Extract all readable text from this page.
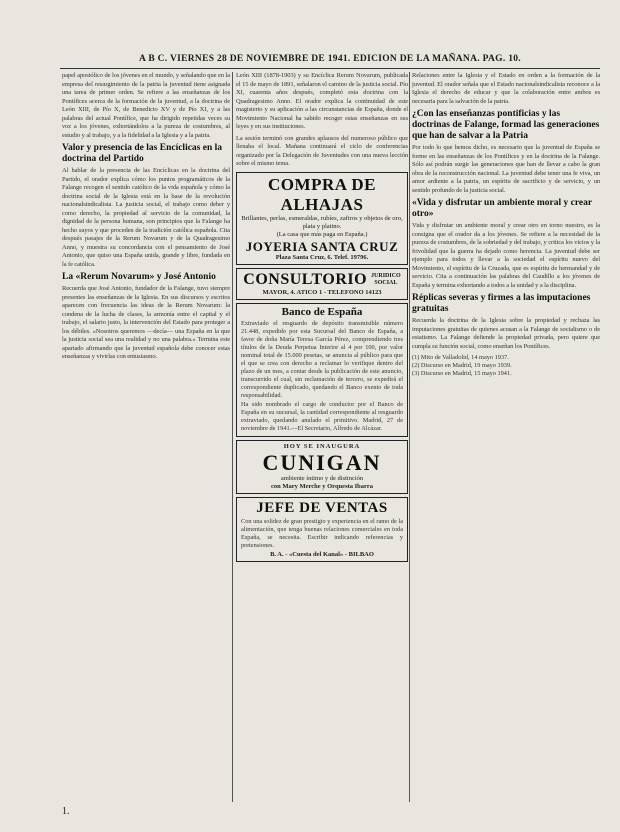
A B C. VIERNES 28 DE NOVIEMBRE DE 1941. EDICION DE LA MAÑANA. PAG. 10.

papel apostólico de los jóvenes en el mundo, y señalando que en la empresa del resurgimiento de la patria la juventud tiene asignada una tarea de primer orden. Se refiere a las enseñanzas de los Pontífices acerca de la formación de la juventud, a la doctrina de León XIII, de Pío X, de Benedicto XV y de Pío XI, y a las palabras del actual Pontífice, que ha dirigido repetidas veces su voz a los jóvenes, exhortándolos a la pureza de costumbres, al estudio y al trabajo, y a la fidelidad a la Iglesia y a la patria.

Valor y presencia de las Encíclicas en la doctrina del Partido

Al hablar de la presencia de las Encíclicas en la doctrina del Partido, el orador explica cómo los puntos programáticos de la Falange recogen el sentido católico de la vida española y cómo la doctrina social de la Iglesia está en la base de la revolución nacionalsindicalista. La justicia social, el trabajo como deber y como derecho, la propiedad al servicio de la comunidad, la dignidad de la persona humana, son principios que la Falange ha hecho suyos y que proceden de la tradición católica española. Cita después pasajes de la Rerum Novarum y de la Quadragesimo Anno, y muestra su concordancia con el pensamiento de José Antonio, que quiso una España unida, grande y libre, fundada en la fe católica.

La «Rerum Novarum» y José Antonio

Recuerda que José Antonio, fundador de la Falange, tuvo siempre presentes las enseñanzas de la Iglesia. En sus discursos y escritos aparecen con frecuencia las ideas de la Rerum Novarum: la condena de la lucha de clases, la armonía entre el capital y el trabajo, el salario justo, la intervención del Estado para proteger a los débiles. «Nosotros queremos —decía— una España en la que la justicia social sea una realidad y no una palabra.» Termina este apartado afirmando que la juventud española debe conocer estas enseñanzas y vivirlas con entusiasmo.

León XIII (1878-1903) y su Encíclica Rerum Novarum, publicada el 15 de mayo de 1891, señalaron el camino de la justicia social. Pío XI, cuarenta años después, completó esta doctrina con la Quadragesimo Anno. El orador explica la continuidad de este magisterio y su aplicación a las circunstancias de España, donde el Movimiento Nacional ha sabido recoger estas enseñanzas en sus leyes y en sus instituciones.

La sesión terminó con grandes aplausos del numeroso público que llenaba el local. Mañana continuará el ciclo de conferencias organizado por la Delegación de Juventudes con una nueva lección sobre el mismo tema.

COMPRA DE ALHAJAS
Brillantes, perlas, esmeraldas, rubíes, zafiros y objetos de oro, plata y platino.
(La casa que más paga en España.)
JOYERIA SANTA CRUZ
Plaza Santa Cruz, 6. Telef. 19796.
CONSULTORIO JURIDICO
SOCIAL
MAYOR, 4. ATICO 1 - TELEFONO 14123
Banco de España

Extraviado el resguardo de depósito transmisible número 21.448, expedido por esta Sucursal del Banco de España, a favor de doña María Teresa García Pérez, comprendiendo tres títulos de la Deuda Perpetua Interior al 4 por 100, por valor nominal total de 15.000 pesetas, se anuncia al público para que el que se crea con derecho a reclamar lo verifique dentro del plazo de un mes, a contar desde la publicación de este anuncio, transcurrido el cual, sin reclamación de tercero, se expedirá el correspondiente duplicado, quedando el Banco exento de toda responsabilidad.

Ha sido nombrado el cargo de conductor por el Banco de España en su sucursal, la cantidad correspondiente al resguardo extraviado, quedando anulado el primitivo. Madrid, 27 de noviembre de 1941.—El Secretario, Alfredo de Alcázar.

HOY SE INAUGURA
CUNIGAN
ambiente íntimo y de distinción
con Mary Merche y Orquesta Ibarra
JEFE DE VENTAS

Con una solidez de gran prestigio y experiencia en el ramo de la alimentación, que tenga buenas relaciones comerciales en toda España, se necesita. Escribir indicando referencias y pretensiones.

B. A. - «Cuesta del Kanal» - BILBAO

Relaciones entre la Iglesia y el Estado en orden a la formación de la juventud. El orador señala que el Estado nacionalsindicalista reconoce a la Iglesia el derecho de educar y que la colaboración entre ambos es necesaria para la salvación de la patria.

¿Con las enseñanzas pontificias y las doctrinas de Falange, formad las generaciones que han de salvar a la Patria

Por todo lo que hemos dicho, es necesario que la juventud de España se forme en las enseñanzas de los Pontífices y en la doctrina de la Falange. Sólo así podrán surgir las generaciones que han de llevar a cabo la gran obra de la reconstrucción nacional. La juventud debe tener una fe viva, un amor ardiente a la patria, un espíritu de sacrificio y de servicio, y un sentido profundo de la justicia social.

«Vida y disfrutar un ambiente moral y crear otro»

Vida y disfrutar un ambiente moral y crear otro en torno nuestro, es la consigna que el orador da a los jóvenes. Se refiere a la necesidad de la pureza de costumbres, de la sobriedad y del trabajo, y critica los vicios y la frivolidad que la guerra ha dejado como herencia. La juventud debe ser ejemplo para todos y llevar a la sociedad el espíritu nuevo del Movimiento, el espíritu de la Cruzada, que es espíritu de hermandad y de servicio. Cita a continuación las palabras del Caudillo a los jóvenes de España y termina exhortando a todos a la unidad y a la disciplina.

Réplicas severas y firmes a las imputaciones gratuitas

Recuerda la doctrina de la Iglesia sobre la propiedad y rechaza las imputaciones gratuitas de quienes acusan a la Falange de socialismo o de estatismo. La Falange defiende la propiedad privada, pero quiere que cumpla su función social, como enseñan los Pontífices.

(1) Mito de Valladolid, 14 mayo 1937.
(2) Discurso en Madrid, 19 mayo 1939.
(3) Discurso en Madrid, 15 mayo 1941.
1.
